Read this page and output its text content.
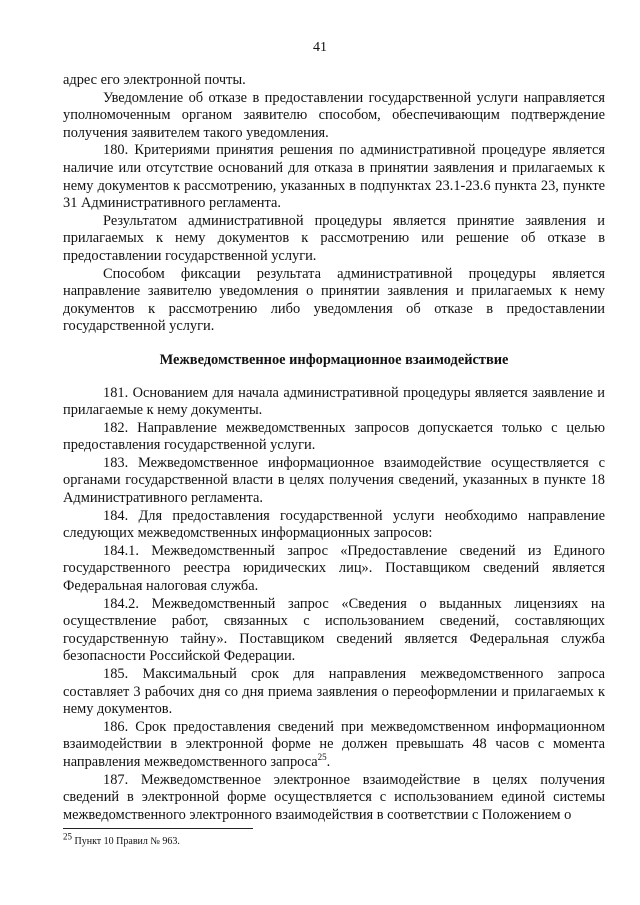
41

адрес его электронной почты.

Уведомление об отказе в предоставлении государственной услуги направляется уполномоченным органом заявителю способом, обеспечивающим подтверждение получения заявителем такого уведомления.

180. Критериями принятия решения по административной процедуре является наличие или отсутствие оснований для отказа в принятии заявления и прилагаемых к нему документов к рассмотрению, указанных в подпунктах 23.1-23.6 пункта 23, пункте 31 Административного регламента.

Результатом административной процедуры является принятие заявления и прилагаемых к нему документов к рассмотрению или решение об отказе в предоставлении государственной услуги.

Способом фиксации результата административной процедуры является направление заявителю уведомления о принятии заявления и прилагаемых к нему документов к рассмотрению либо уведомления об отказе в предоставлении государственной услуги.

Межведомственное информационное взаимодействие

181. Основанием для начала административной процедуры является заявление и прилагаемые к нему документы.

182. Направление межведомственных запросов допускается только с целью предоставления государственной услуги.

183. Межведомственное информационное взаимодействие осуществляется с органами государственной власти в целях получения сведений, указанных в пункте 18 Административного регламента.

184. Для предоставления государственной услуги необходимо направление следующих межведомственных информационных запросов:

184.1. Межведомственный запрос «Предоставление сведений из Единого государственного реестра юридических лиц». Поставщиком сведений является Федеральная налоговая служба.

184.2. Межведомственный запрос «Сведения о выданных лицензиях на осуществление работ, связанных с использованием сведений, составляющих государственную тайну». Поставщиком сведений является Федеральная служба безопасности Российской Федерации.

185. Максимальный срок для направления межведомственного запроса составляет 3 рабочих дня со дня приема заявления о переоформлении и прилагаемых к нему документов.

186. Срок предоставления сведений при межведомственном информационном взаимодействии в электронной форме не должен превышать 48 часов с момента направления межведомственного запроса$^{25}$.

187. Межведомственное электронное взаимодействие в целях получения сведений в электронной форме осуществляется с использованием единой системы межведомственного электронного взаимодействия в соответствии с Положением о

$^{25}$ Пункт 10 Правил № 963.
